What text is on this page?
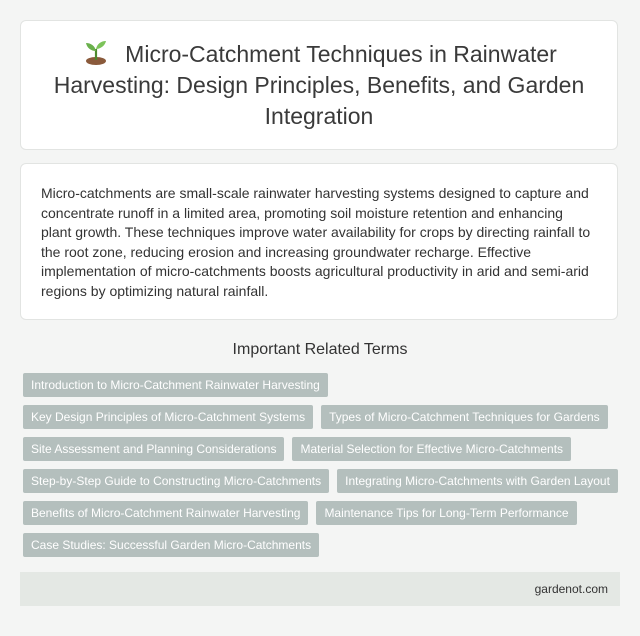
Micro-Catchment Techniques in Rainwater Harvesting: Design Principles, Benefits, and Garden Integration

Micro-catchments are small-scale rainwater harvesting systems designed to capture and concentrate runoff in a limited area, promoting soil moisture retention and enhancing plant growth. These techniques improve water availability for crops by directing rainfall to the root zone, reducing erosion and increasing groundwater recharge. Effective implementation of micro-catchments boosts agricultural productivity in arid and semi-arid regions by optimizing natural rainfall.

Important Related Terms
Introduction to Micro-Catchment Rainwater Harvesting
Key Design Principles of Micro-Catchment Systems	Types of Micro-Catchment Techniques for Gardens
Site Assessment and Planning Considerations	Material Selection for Effective Micro-Catchments
Step-by-Step Guide to Constructing Micro-Catchments	Integrating Micro-Catchments with Garden Layout
Benefits of Micro-Catchment Rainwater Harvesting	Maintenance Tips for Long-Term Performance
Case Studies: Successful Garden Micro-Catchments
gardenot.com
